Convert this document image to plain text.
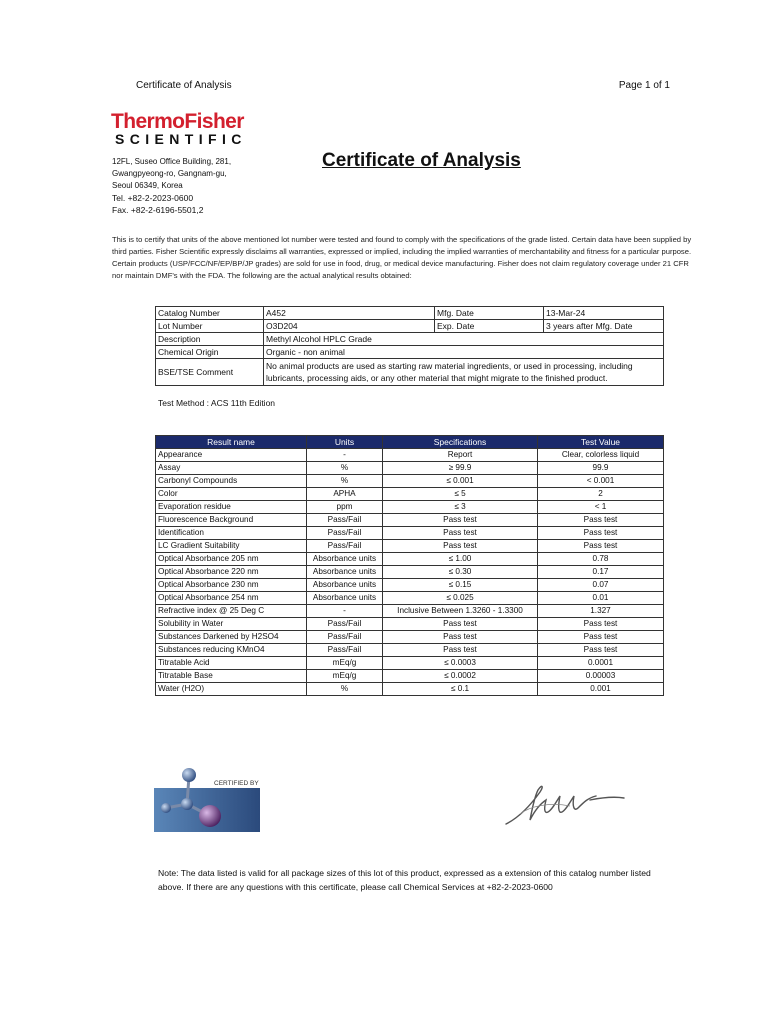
Certificate of Analysis	Page 1 of 1
ThermoFisher
SCIENTIFIC
12FL, Suseo Office Building, 281,
Gwangpyeong-ro, Gangnam-gu,
Seoul 06349, Korea
Tel. +82-2-2023-0600
Fax. +82-2-6196-5501,2
Certificate of Analysis
This is to certify that units of the above mentioned lot number were tested and found to comply with the specifications of the grade listed. Certain data have been supplied by third parties. Fisher Scientific expressly disclaims all warranties, expressed or implied, including the implied warranties of merchantability and fitness for a particular purpose. Certain products (USP/FCC/NF/EP/BP/JP grades) are sold for use in food, drug, or medical device manufacturing. Fisher does not claim regulatory coverage under 21 CFR nor maintain DMF's with the FDA. The following are the actual analytical results obtained:
Catalog Number	A452	Mfg. Date	13-Mar-24
Lot Number	O3D204	Exp. Date	3 years after Mfg. Date
Description	Methyl Alcohol HPLC Grade		
Chemical Origin	Organic - non animal		
BSE/TSE Comment	No animal products are used as starting raw material ingredients, or used in processing, including lubricants, processing aids, or any other material that might migrate to the finished product.		
Test Method : ACS 11th Edition
Result name	Units	Specifications	Test Value
Appearance	-	Report	Clear, colorless liquid
Assay	%	≥ 99.9	99.9
Carbonyl Compounds	%	≤ 0.001	< 0.001
Color	APHA	≤ 5	2
Evaporation residue	ppm	≤ 3	< 1
Fluorescence Background	Pass/Fail	Pass test	Pass test
Identification	Pass/Fail	Pass test	Pass test
LC Gradient Suitability	Pass/Fail	Pass test	Pass test
Optical Absorbance 205 nm	Absorbance units	≤ 1.00	0.78
Optical Absorbance 220 nm	Absorbance units	≤ 0.30	0.17
Optical Absorbance 230 nm	Absorbance units	≤ 0.15	0.07
Optical Absorbance 254 nm	Absorbance units	≤ 0.025	0.01
Refractive index @ 25 Deg C	-	Inclusive Between 1.3260 - 1.3300	1.327
Solubility in Water	Pass/Fail	Pass test	Pass test
Substances Darkened by H2SO4	Pass/Fail	Pass test	Pass test
Substances reducing KMnO4	Pass/Fail	Pass test	Pass test
Titratable Acid	mEq/g	≤ 0.0003	0.0001
Titratable Base	mEq/g	≤ 0.0002	0.00003
Water (H2O)	%	≤ 0.1	0.001
CERTIFIED BY
Note: The data listed is valid for all package sizes of this lot of this product, expressed as a extension of this catalog number listed above. If there are any questions with this certificate, please call Chemical Services at +82-2-2023-0600
